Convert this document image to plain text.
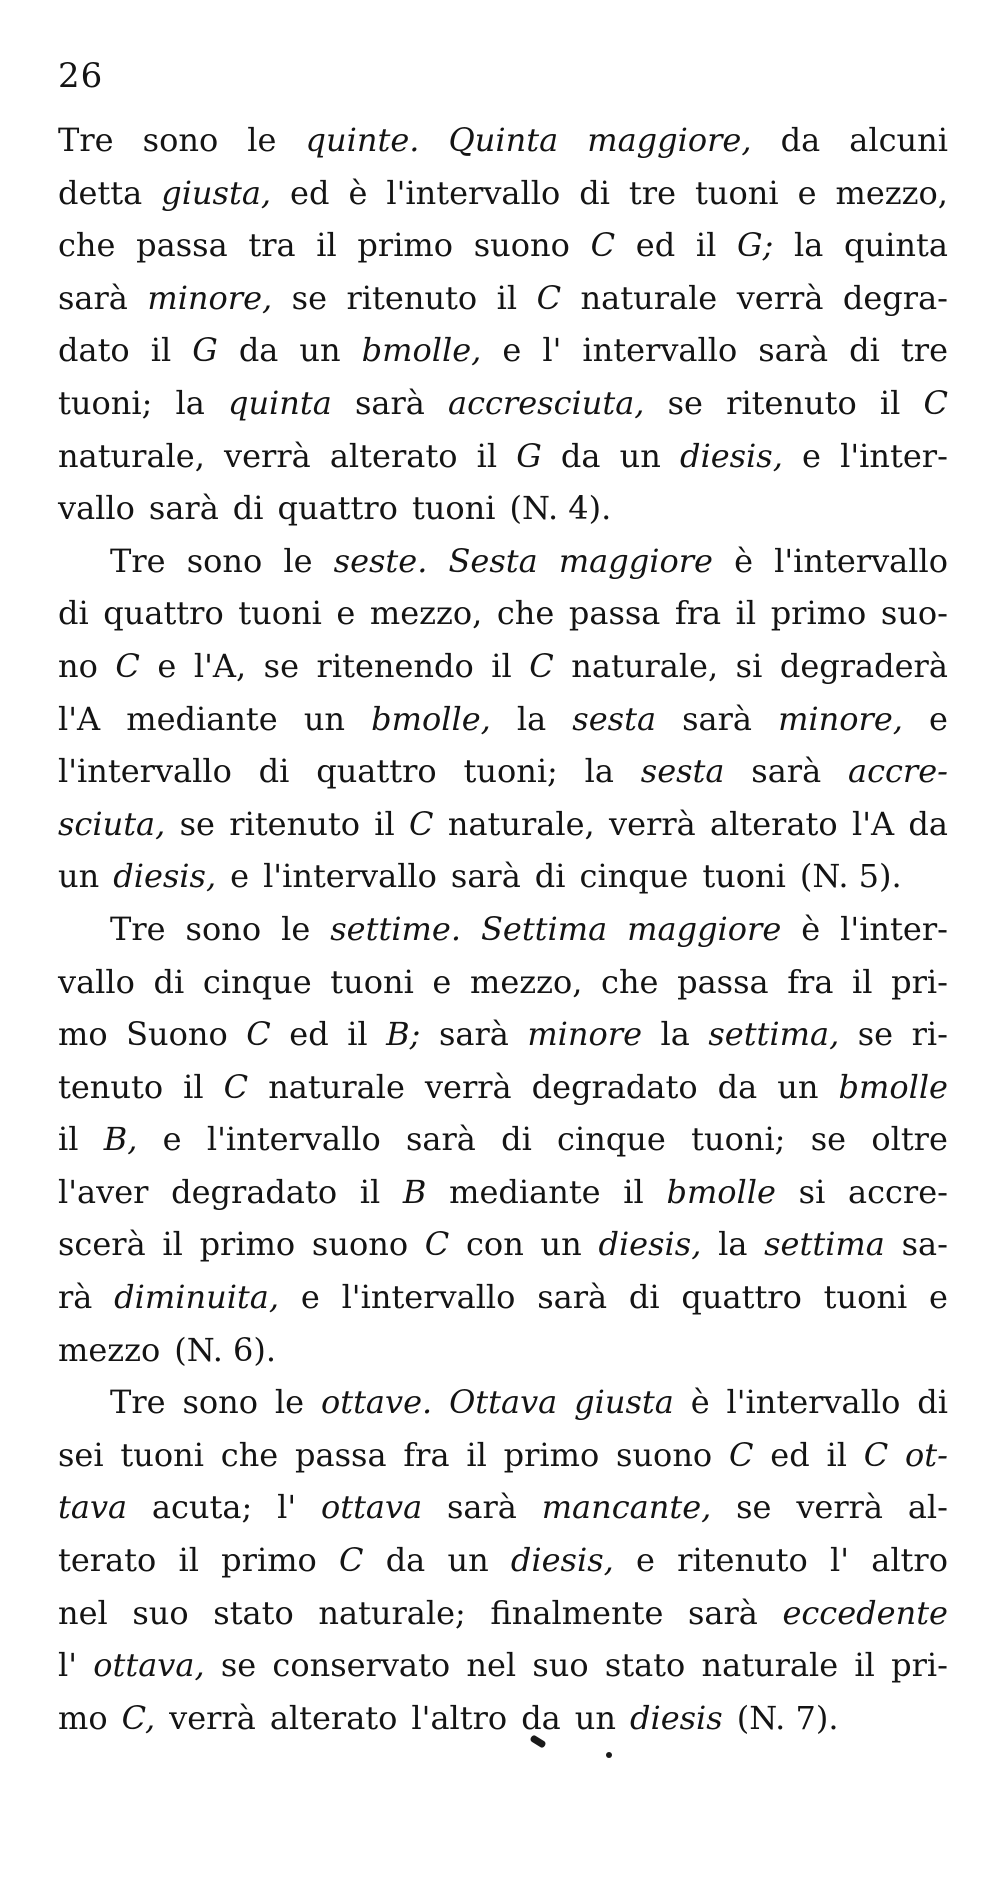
26
Tre sono le quinte. Quinta maggiore, da alcuni
detta giusta, ed è l'intervallo di tre tuoni e mezzo,
che passa tra il primo suono C ed il G; la quinta
sarà minore, se ritenuto il C naturale verrà degra-
dato il G da un bmolle, e l' intervallo sarà di tre
tuoni; la quinta sarà accresciuta, se ritenuto il C
naturale, verrà alterato il G da un diesis, e l'inter-
vallo sarà di quattro tuoni (N. 4).
Tre sono le seste. Sesta maggiore è l'intervallo
di quattro tuoni e mezzo, che passa fra il primo suo-
no C e l'A, se ritenendo il C naturale, si degraderà
l'A mediante un bmolle, la sesta sarà minore, e
l'intervallo di quattro tuoni; la sesta sarà accre-
sciuta, se ritenuto il C naturale, verrà alterato l'A da
un diesis, e l'intervallo sarà di cinque tuoni (N. 5).
Tre sono le settime. Settima maggiore è l'inter-
vallo di cinque tuoni e mezzo, che passa fra il pri-
mo Suono C ed il B; sarà minore la settima, se ri-
tenuto il C naturale verrà degradato da un bmolle
il B, e l'intervallo sarà di cinque tuoni; se oltre
l'aver degradato il B mediante il bmolle si accre-
scerà il primo suono C con un diesis, la settima sa-
rà diminuita, e l'intervallo sarà di quattro tuoni e
mezzo (N. 6).
Tre sono le ottave. Ottava giusta è l'intervallo di
sei tuoni che passa fra il primo suono C ed il C ot-
tava acuta; l' ottava sarà mancante, se verrà al-
terato il primo C da un diesis, e ritenuto l' altro
nel suo stato naturale; finalmente sarà eccedente
l' ottava, se conservato nel suo stato naturale il pri-
mo C, verrà alterato l'altro da un diesis (N. 7).
